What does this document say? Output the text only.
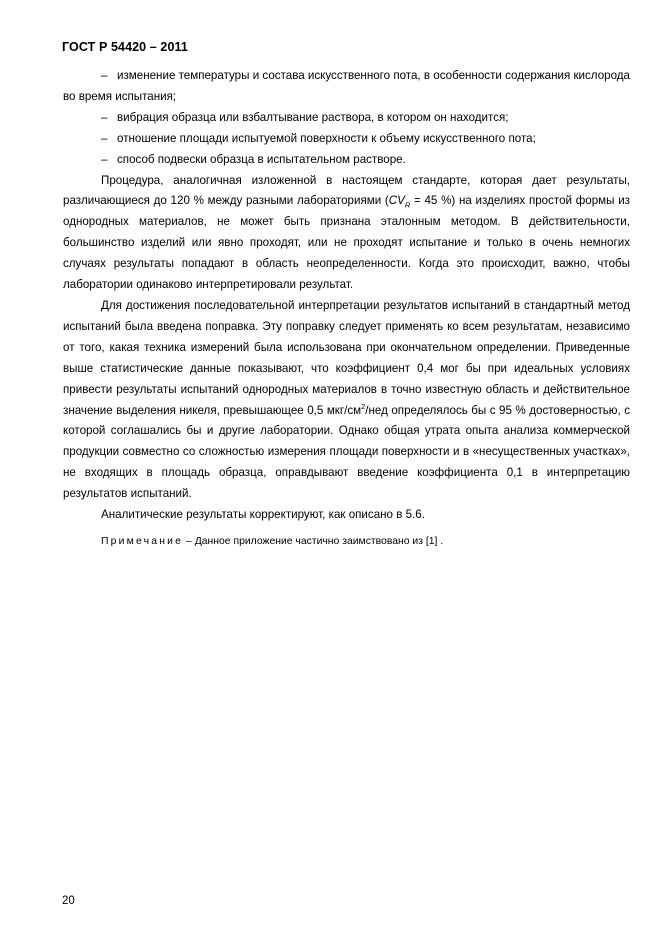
ГОСТ Р 54420 – 2011

– изменение температуры и состава искусственного пота, в особенности содержания кислорода во время испытания;

– вибрация образца или взбалтывание раствора, в котором он находится;

– отношение площади испытуемой поверхности к объему искусственного пота;

– способ подвески образца в испытательном растворе.

Процедура, аналогичная изложенной в настоящем стандарте, которая дает результаты, различающиеся до 120 % между разными лабораториями ($CV_R = 45$ %) на изделиях простой формы из однородных материалов, не может быть признана эталонным методом. В действительности, большинство изделий или явно проходят, или не проходят испытание и только в очень немногих случаях результаты попадают в область неопределенности. Когда это происходит, важно, чтобы лаборатории одинаково интерпретировали результат.

Для достижения последовательной интерпретации результатов испытаний в стандартный метод испытаний была введена поправка. Эту поправку следует применять ко всем результатам, независимо от того, какая техника измерений была использована при окончательном определении. Приведенные выше статистические данные показывают, что коэффициент 0,4 мог бы при идеальных условиях привести результаты испытаний однородных материалов в точно известную область и действительное значение выделения никеля, превышающее 0,5 мкг/$см^2$/нед определялось бы с 95 % достоверностью, с которой соглашались бы и другие лаборатории. Однако общая утрата опыта анализа коммерческой продукции совместно со сложностью измерения площади поверхности и в «несущественных участках», не входящих в площадь образца, оправдывают введение коэффициента 0,1 в интерпретацию результатов испытаний.

Аналитические результаты корректируют, как описано в 5.6.

Примечание – Данное приложение частично заимствовано из [1] .

20
